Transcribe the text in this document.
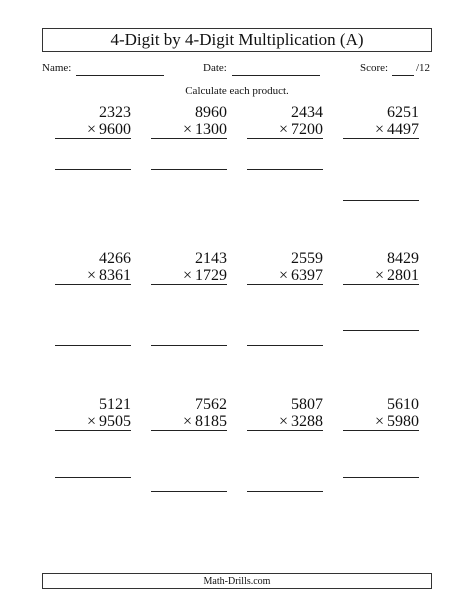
4-Digit by 4-Digit Multiplication (A)
Name:	Date:	Score:	/12
Calculate each product.
2323
× 9600
8960
× 1300
2434
× 7200
6251
× 4497
4266
× 8361
2143
× 1729
2559
× 6397
8429
× 2801
5121
× 9505
7562
× 8185
5807
× 3288
5610
× 5980
Math-Drills.com
